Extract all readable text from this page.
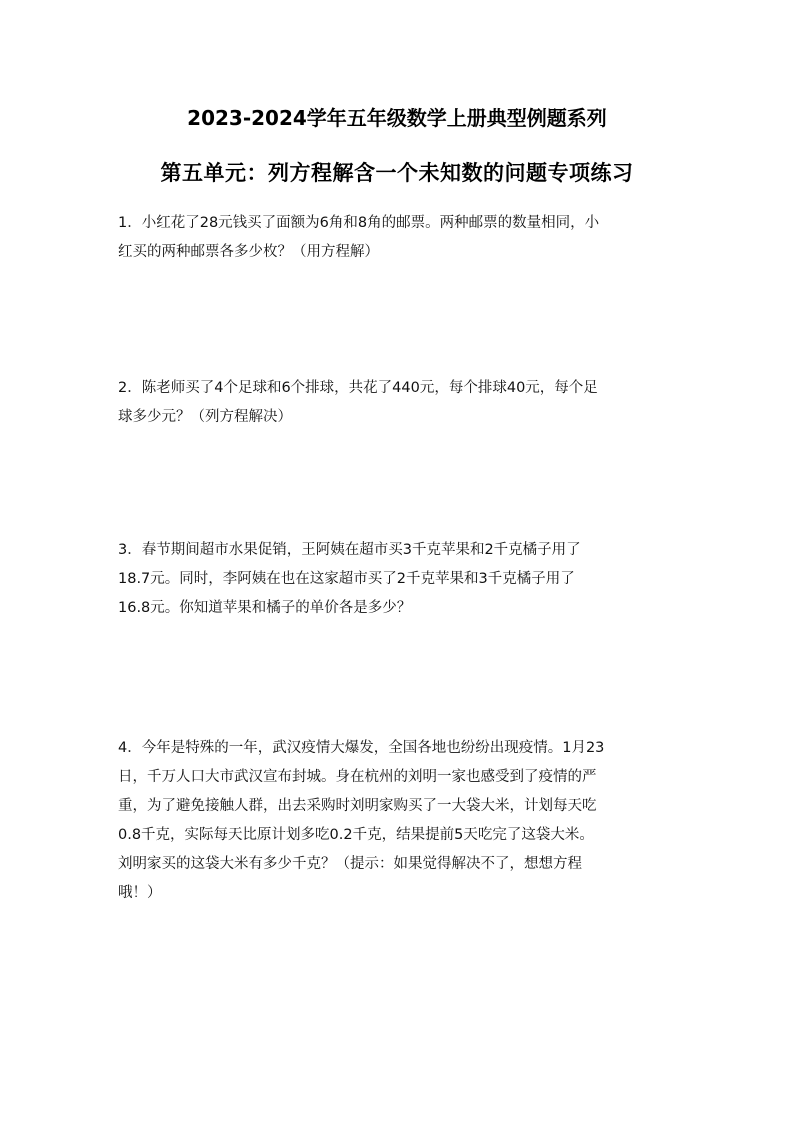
2023-2024学年五年级数学上册典型例题系列
第五单元：列方程解含一个未知数的问题专项练习
1．小红花了28元钱买了面额为6角和8角的邮票。两种邮票的数量相同，小
红买的两种邮票各多少枚？（用方程解）
2．陈老师买了4个足球和6个排球，共花了440元，每个排球40元，每个足
球多少元？（列方程解决）
3．春节期间超市水果促销，王阿姨在超市买3千克苹果和2千克橘子用了
18.7元。同时，李阿姨在也在这家超市买了2千克苹果和3千克橘子用了
16.8元。你知道苹果和橘子的单价各是多少？
4．今年是特殊的一年，武汉疫情大爆发，全国各地也纷纷出现疫情。1月23
日，千万人口大市武汉宣布封城。身在杭州的刘明一家也感受到了疫情的严
重，为了避免接触人群，出去采购时刘明家购买了一大袋大米，计划每天吃
0.8千克，实际每天比原计划多吃0.2千克，结果提前5天吃完了这袋大米。
刘明家买的这袋大米有多少千克？（提示：如果觉得解决不了，想想方程
哦！）
